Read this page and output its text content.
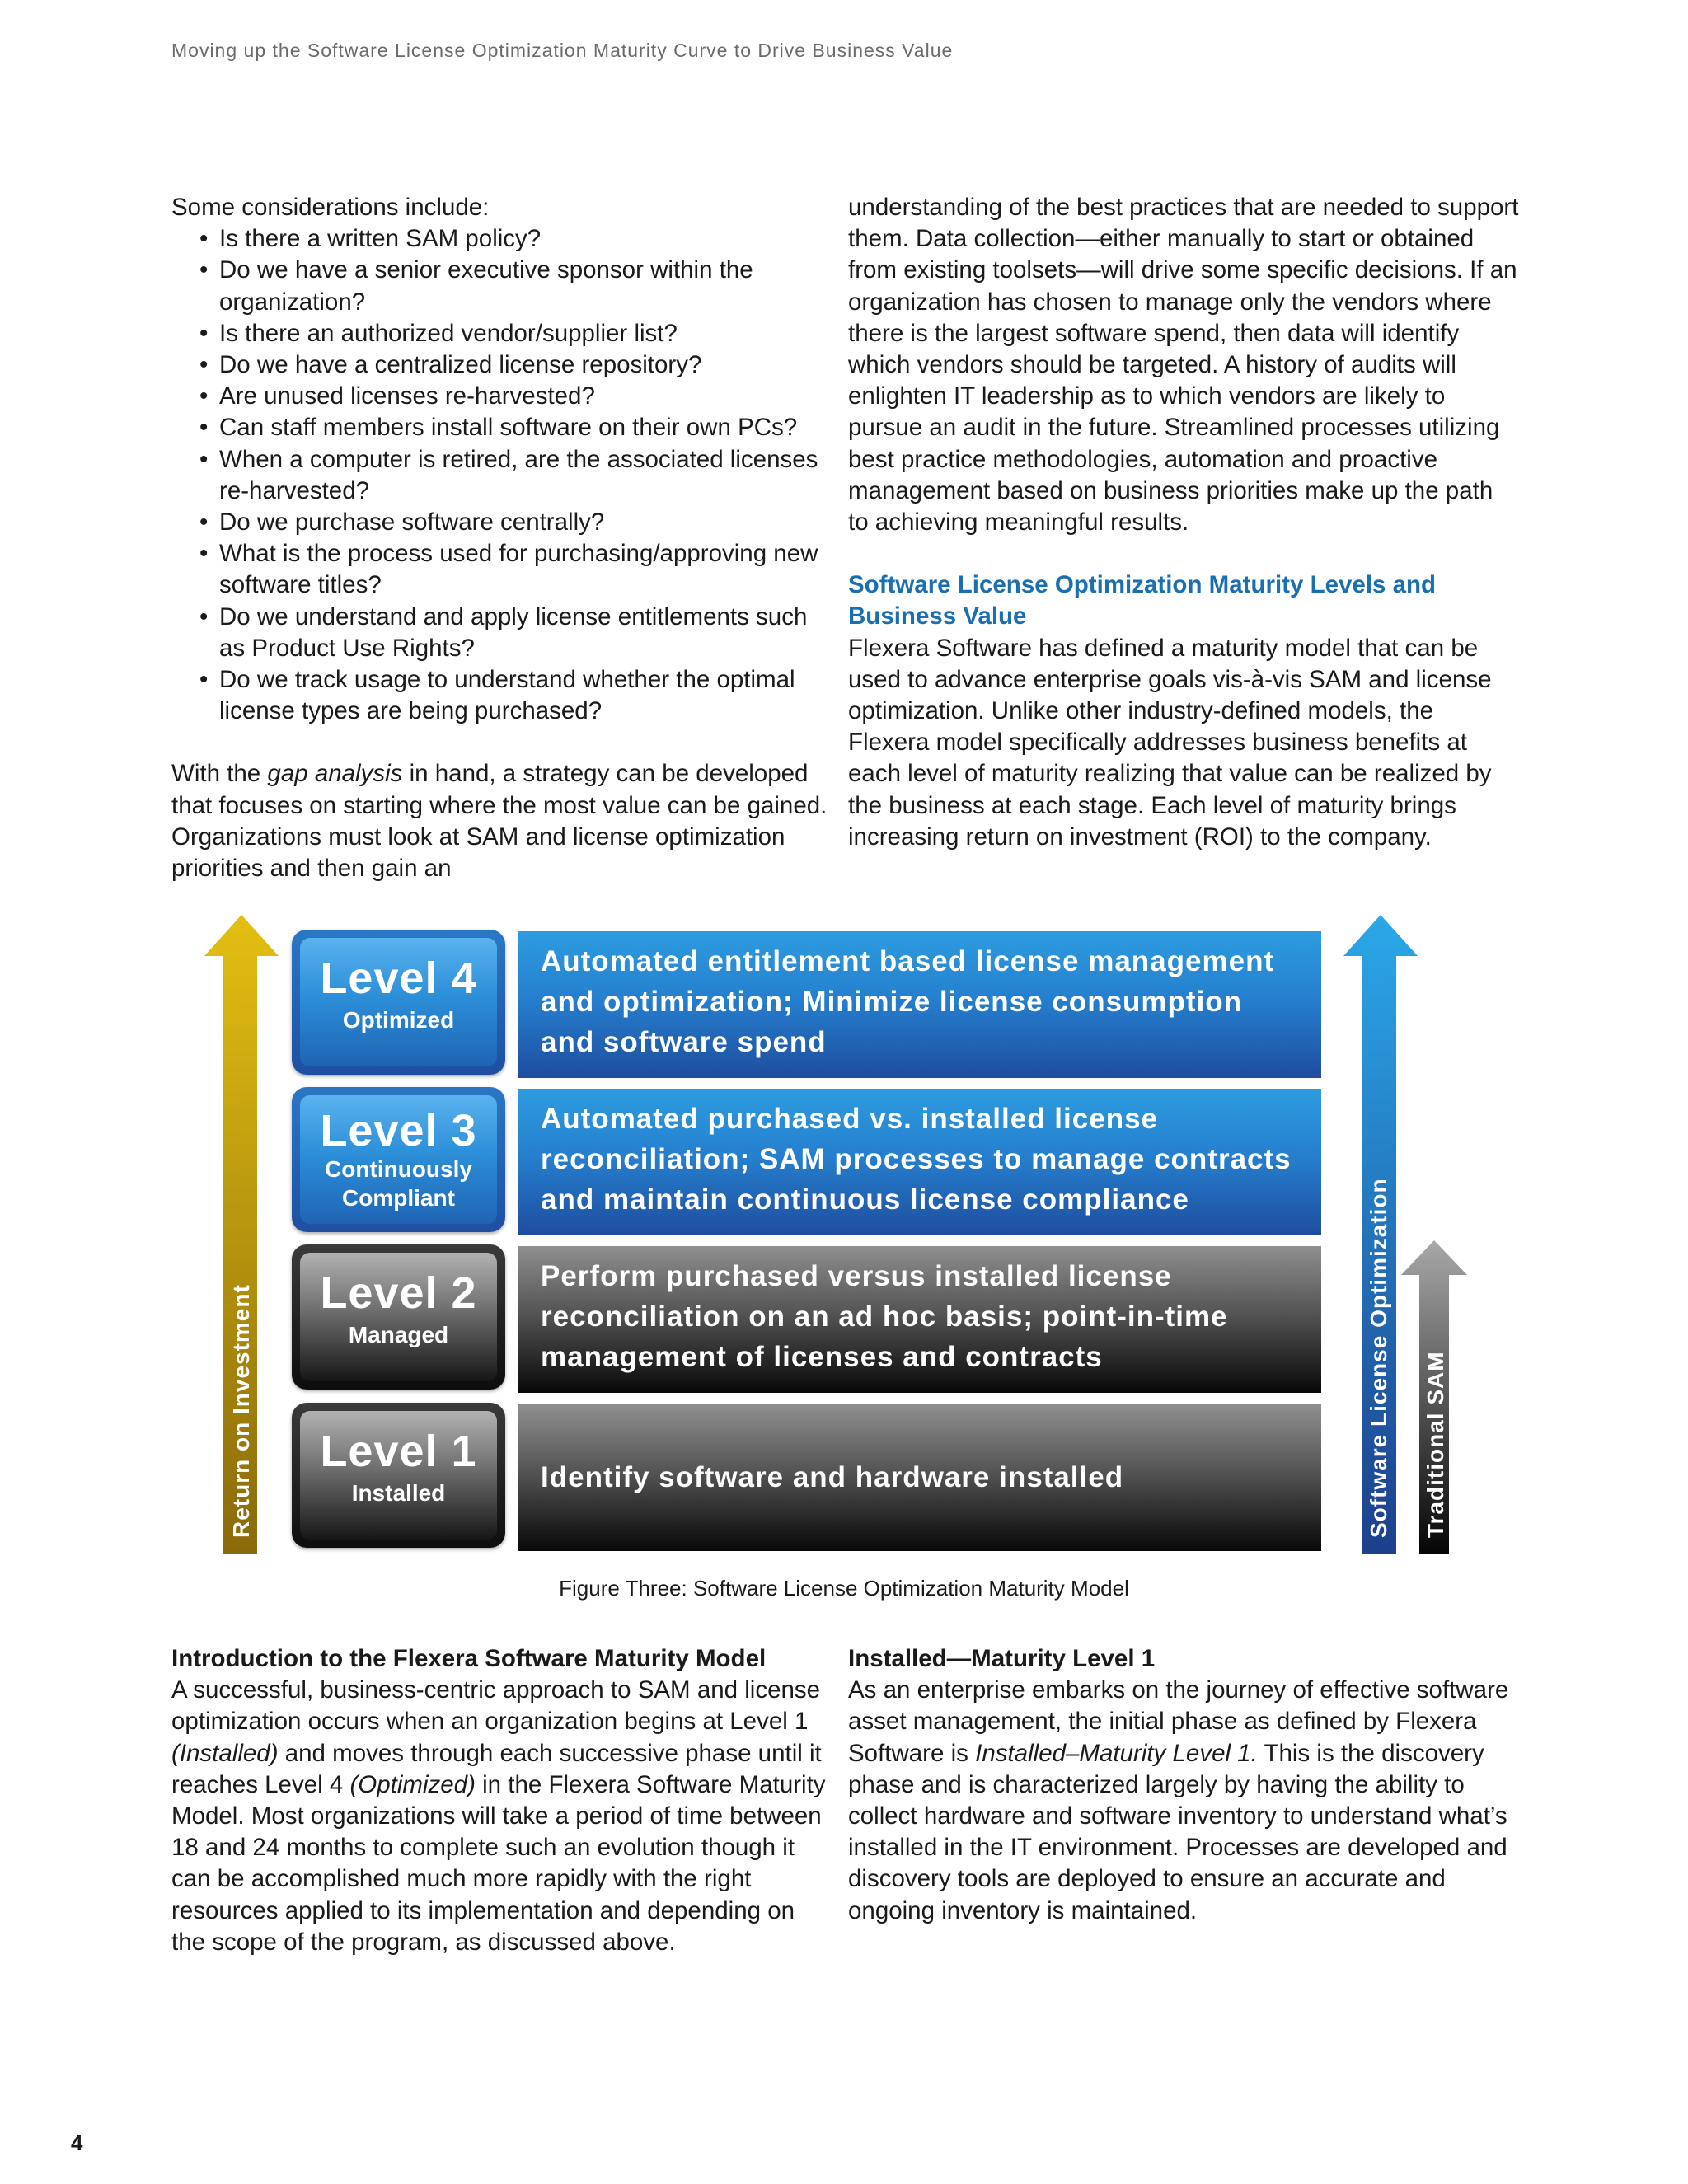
Moving up the Software License Optimization Maturity Curve to Drive Business Value

Some considerations include:

• Is there a written SAM policy?
• Do we have a senior executive sponsor within the organization?
• Is there an authorized vendor/supplier list?
• Do we have a centralized license repository?
• Are unused licenses re-harvested?
• Can staff members install software on their own PCs?
• When a computer is retired, are the associated licenses re-harvested?
• Do we purchase software centrally?
• What is the process used for purchasing/approving new software titles?
• Do we understand and apply license entitlements such as Product Use Rights?
• Do we track usage to understand whether the optimal license types are being purchased?

With the gap analysis in hand, a strategy can be developed that focuses on starting where the most value can be gained. Organizations must look at SAM and license optimization priorities and then gain an

understanding of the best practices that are needed to support them. Data collection—either manually to start or obtained from existing toolsets—will drive some specific decisions. If an organization has chosen to manage only the vendors where there is the largest software spend, then data will identify which vendors should be targeted. A history of audits will enlighten IT leadership as to which vendors are likely to pursue an audit in the future. Streamlined processes utilizing best practice methodologies, automation and proactive management based on business priorities make up the path to achieving meaningful results.

Software License Optimization Maturity Levels and Business Value

Flexera Software has defined a maturity model that can be used to advance enterprise goals vis-à-vis SAM and license optimization. Unlike other industry-defined models, the Flexera model specifically addresses business benefits at each level of maturity realizing that value can be realized by the business at each stage. Each level of maturity brings increasing return on investment (ROI) to the company.

Return on Investment	Software License Optimization Traditional SAM
Level 4
Optimized
Automated entitlement based license management
and optimization; Minimize license consumption
and software spend
Level 3
Continuously
Compliant
Automated purchased vs. installed license
reconciliation; SAM processes to manage contracts
and maintain continuous license compliance
Level 2
Managed
Perform purchased versus installed license
reconciliation on an ad hoc basis; point-in-time
management of licenses and contracts
Level 1
Installed	Identify software and hardware installed
Figure Three: Software License Optimization Maturity Model

Introduction to the Flexera Software Maturity Model

A successful, business-centric approach to SAM and license optimization occurs when an organization begins at Level 1 (Installed) and moves through each successive phase until it reaches Level 4 (Optimized) in the Flexera Software Maturity Model. Most organizations will take a period of time between 18 and 24 months to complete such an evolution though it can be accomplished much more rapidly with the right resources applied to its implementation and depending on the scope of the program, as discussed above.

Installed—Maturity Level 1

As an enterprise embarks on the journey of effective software asset management, the initial phase as defined by Flexera Software is Installed–Maturity Level 1. This is the discovery phase and is characterized largely by having the ability to collect hardware and software inventory to understand what’s installed in the IT environment. Processes are developed and discovery tools are deployed to ensure an accurate and ongoing inventory is maintained.

4
